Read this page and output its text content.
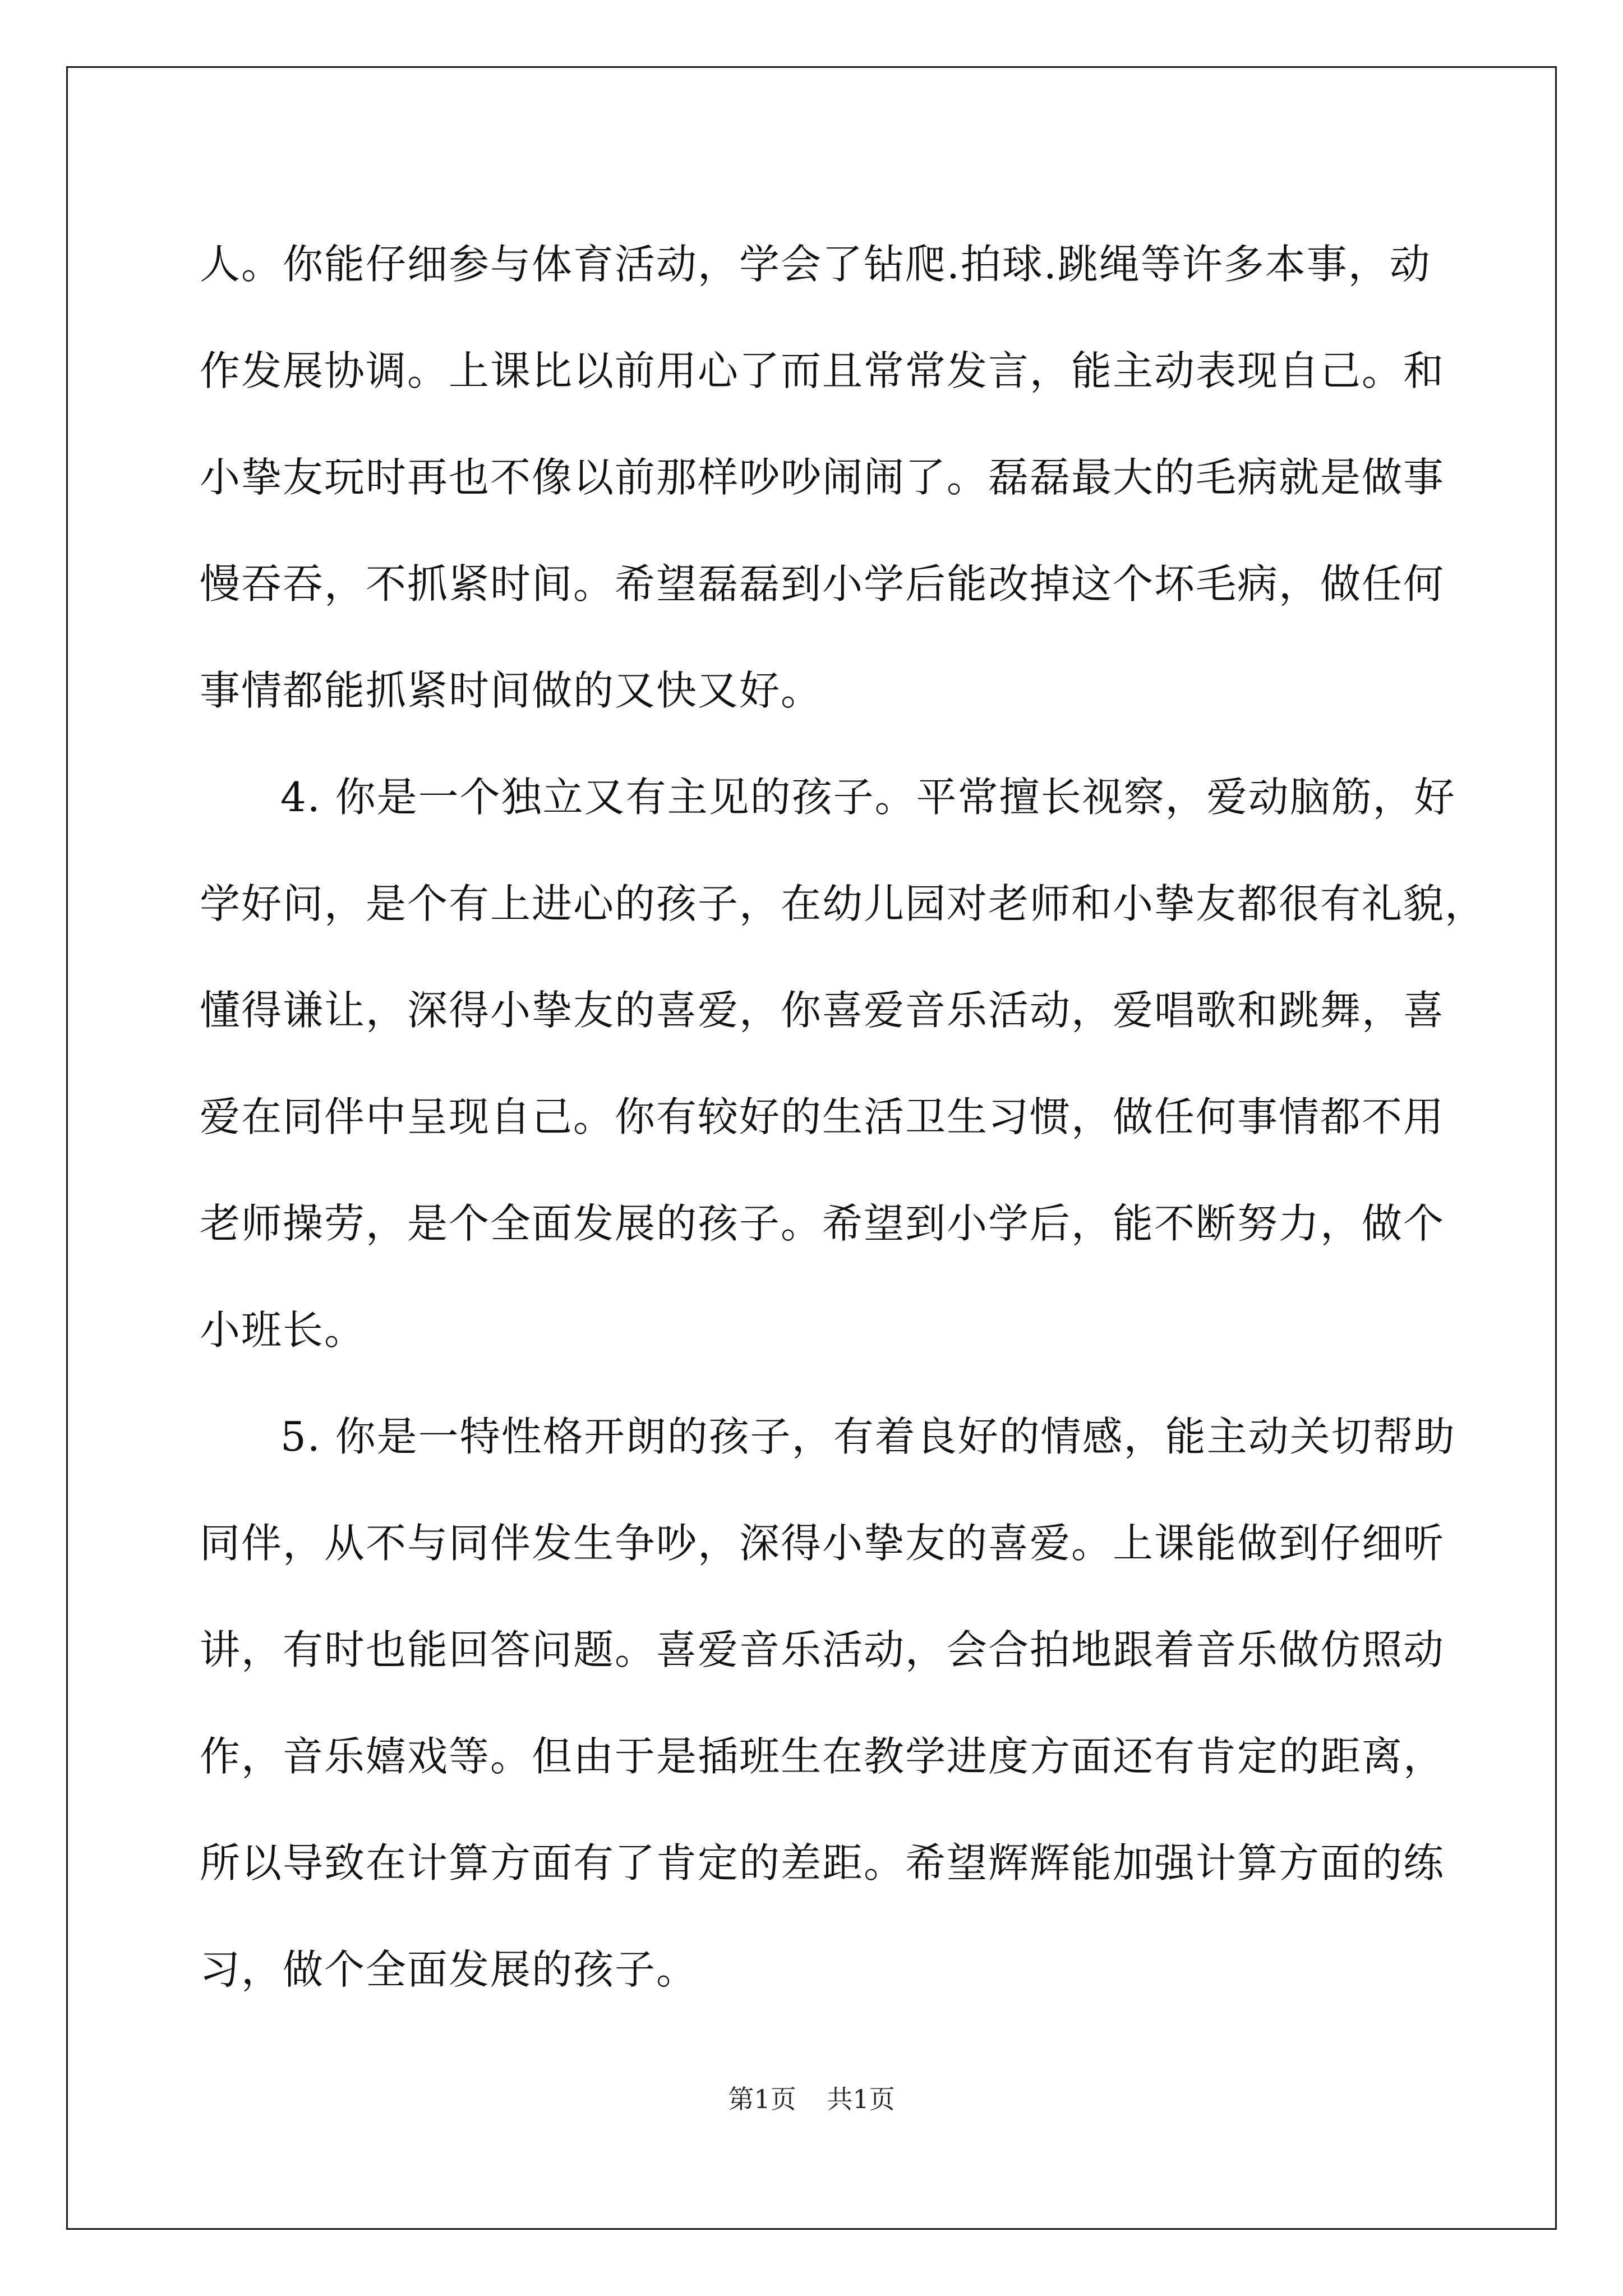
人。你能仔细参与体育活动，学会了钻爬.拍球.跳绳等许多本事，动

作发展协调。上课比以前用心了而且常常发言，能主动表现自己。和

小挚友玩时再也不像以前那样吵吵闹闹了。磊磊最大的毛病就是做事

慢吞吞，不抓紧时间。希望磊磊到小学后能改掉这个坏毛病，做任何

事情都能抓紧时间做的又快又好。

4. 你是一个独立又有主见的孩子。平常擅长视察，爱动脑筋，好

学好问，是个有上进心的孩子，在幼儿园对老师和小挚友都很有礼貌，

懂得谦让，深得小挚友的喜爱，你喜爱音乐活动，爱唱歌和跳舞，喜

爱在同伴中呈现自己。你有较好的生活卫生习惯，做任何事情都不用

老师操劳，是个全面发展的孩子。希望到小学后，能不断努力，做个

小班长。

5. 你是一特性格开朗的孩子，有着良好的情感，能主动关切帮助

同伴，从不与同伴发生争吵，深得小挚友的喜爱。上课能做到仔细听

讲，有时也能回答问题。喜爱音乐活动，会合拍地跟着音乐做仿照动

作，音乐嬉戏等。但由于是插班生在教学进度方面还有肯定的距离，

所以导致在计算方面有了肯定的差距。希望辉辉能加强计算方面的练

习，做个全面发展的孩子。

第1页 共1页
